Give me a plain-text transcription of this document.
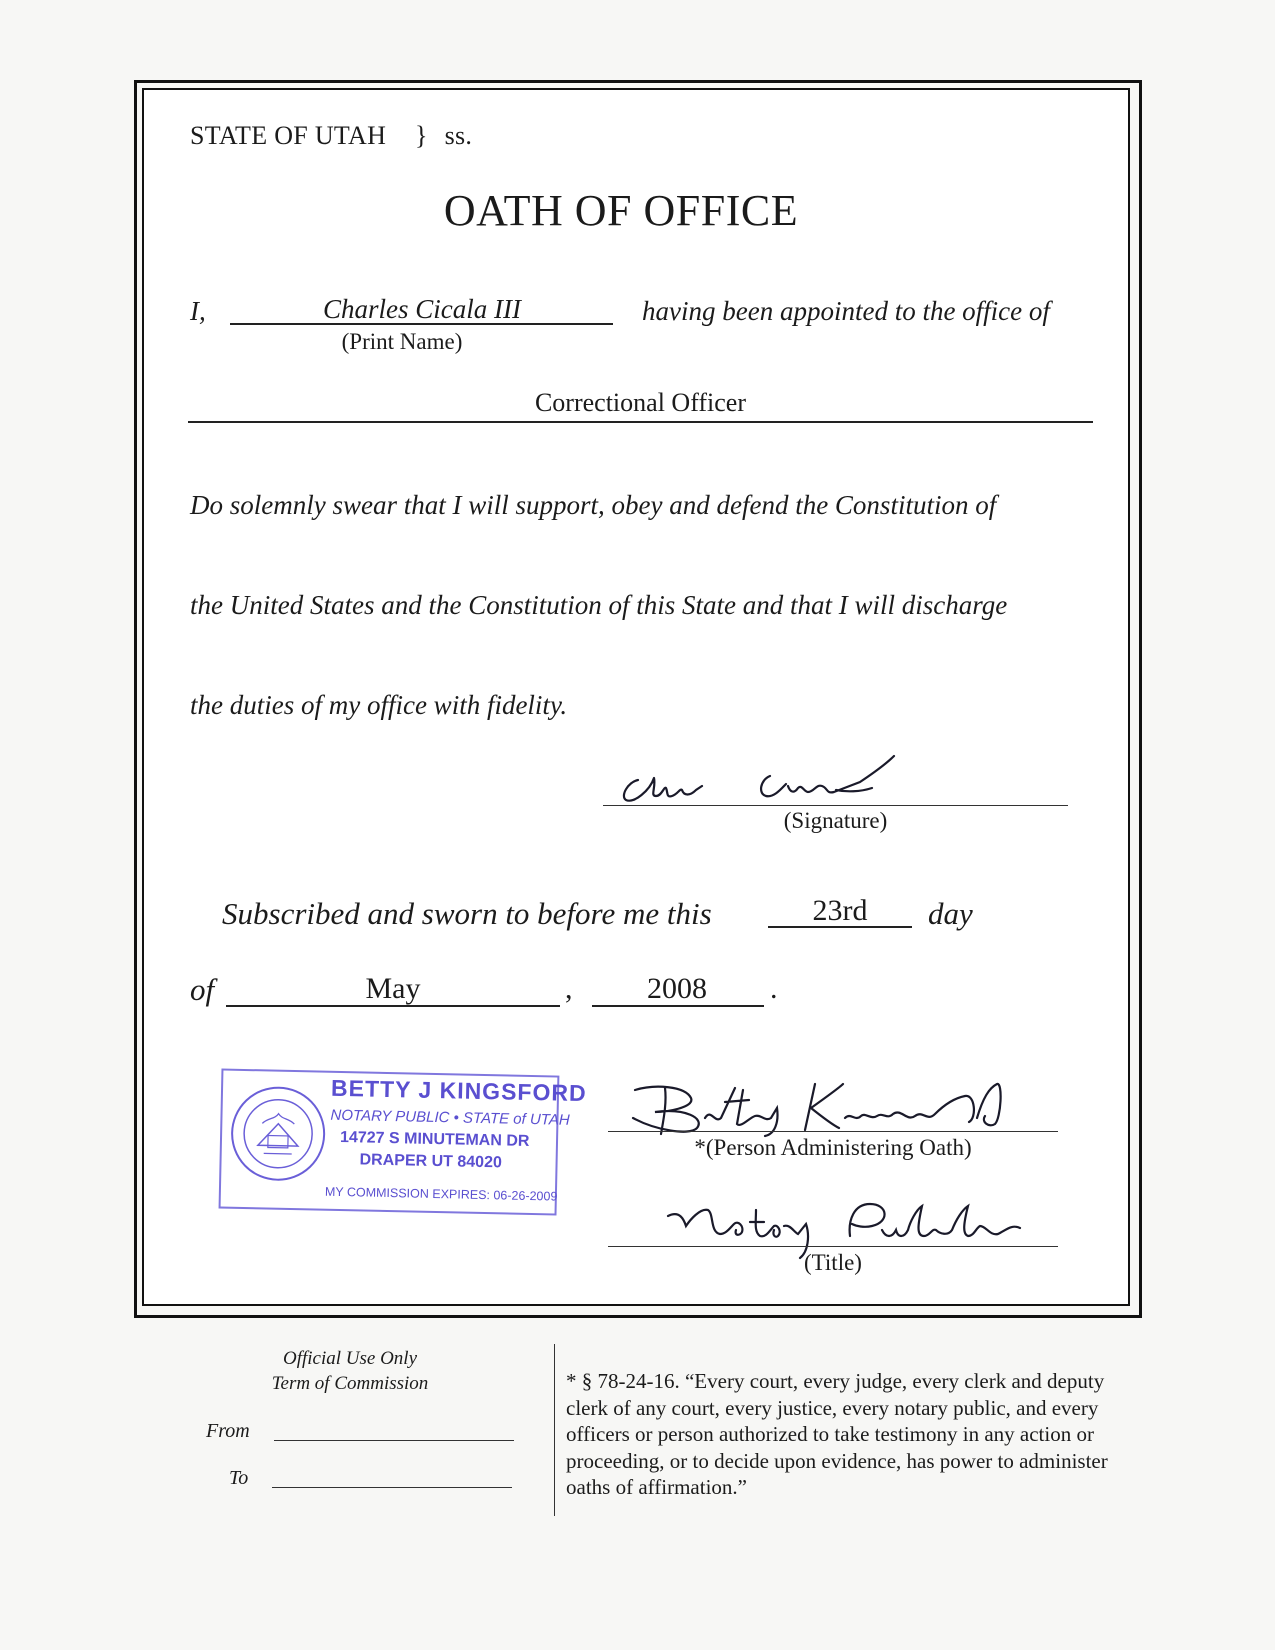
STATE OF UTAH } ss.
OATH OF OFFICE
I,	Charles Cicala III	having been appointed to the office of
(Print Name)
Correctional Officer
Do solemnly swear that I will support, obey and defend the Constitution of
the United States and the Constitution of this State and that I will discharge
the duties of my office with fidelity.
(Signature)
Subscribed and sworn to before me this	23rd	day
of	May	,	2008	.
BETTY J KINGSFORD
NOTARY PUBLIC • STATE of UTAH
14727 S MINUTEMAN DR
DRAPER UT 84020
MY COMMISSION EXPIRES: 06-26-2009
*(Person Administering Oath)
(Title)
Official Use Only
Term of Commission
From
To
* § 78-24-16. “Every court, every judge, every clerk and deputy clerk of any court, every justice, every notary public, and every officers or person authorized to take testimony in any action or proceeding, or to decide upon evidence, has power to administer oaths of affirmation.”
